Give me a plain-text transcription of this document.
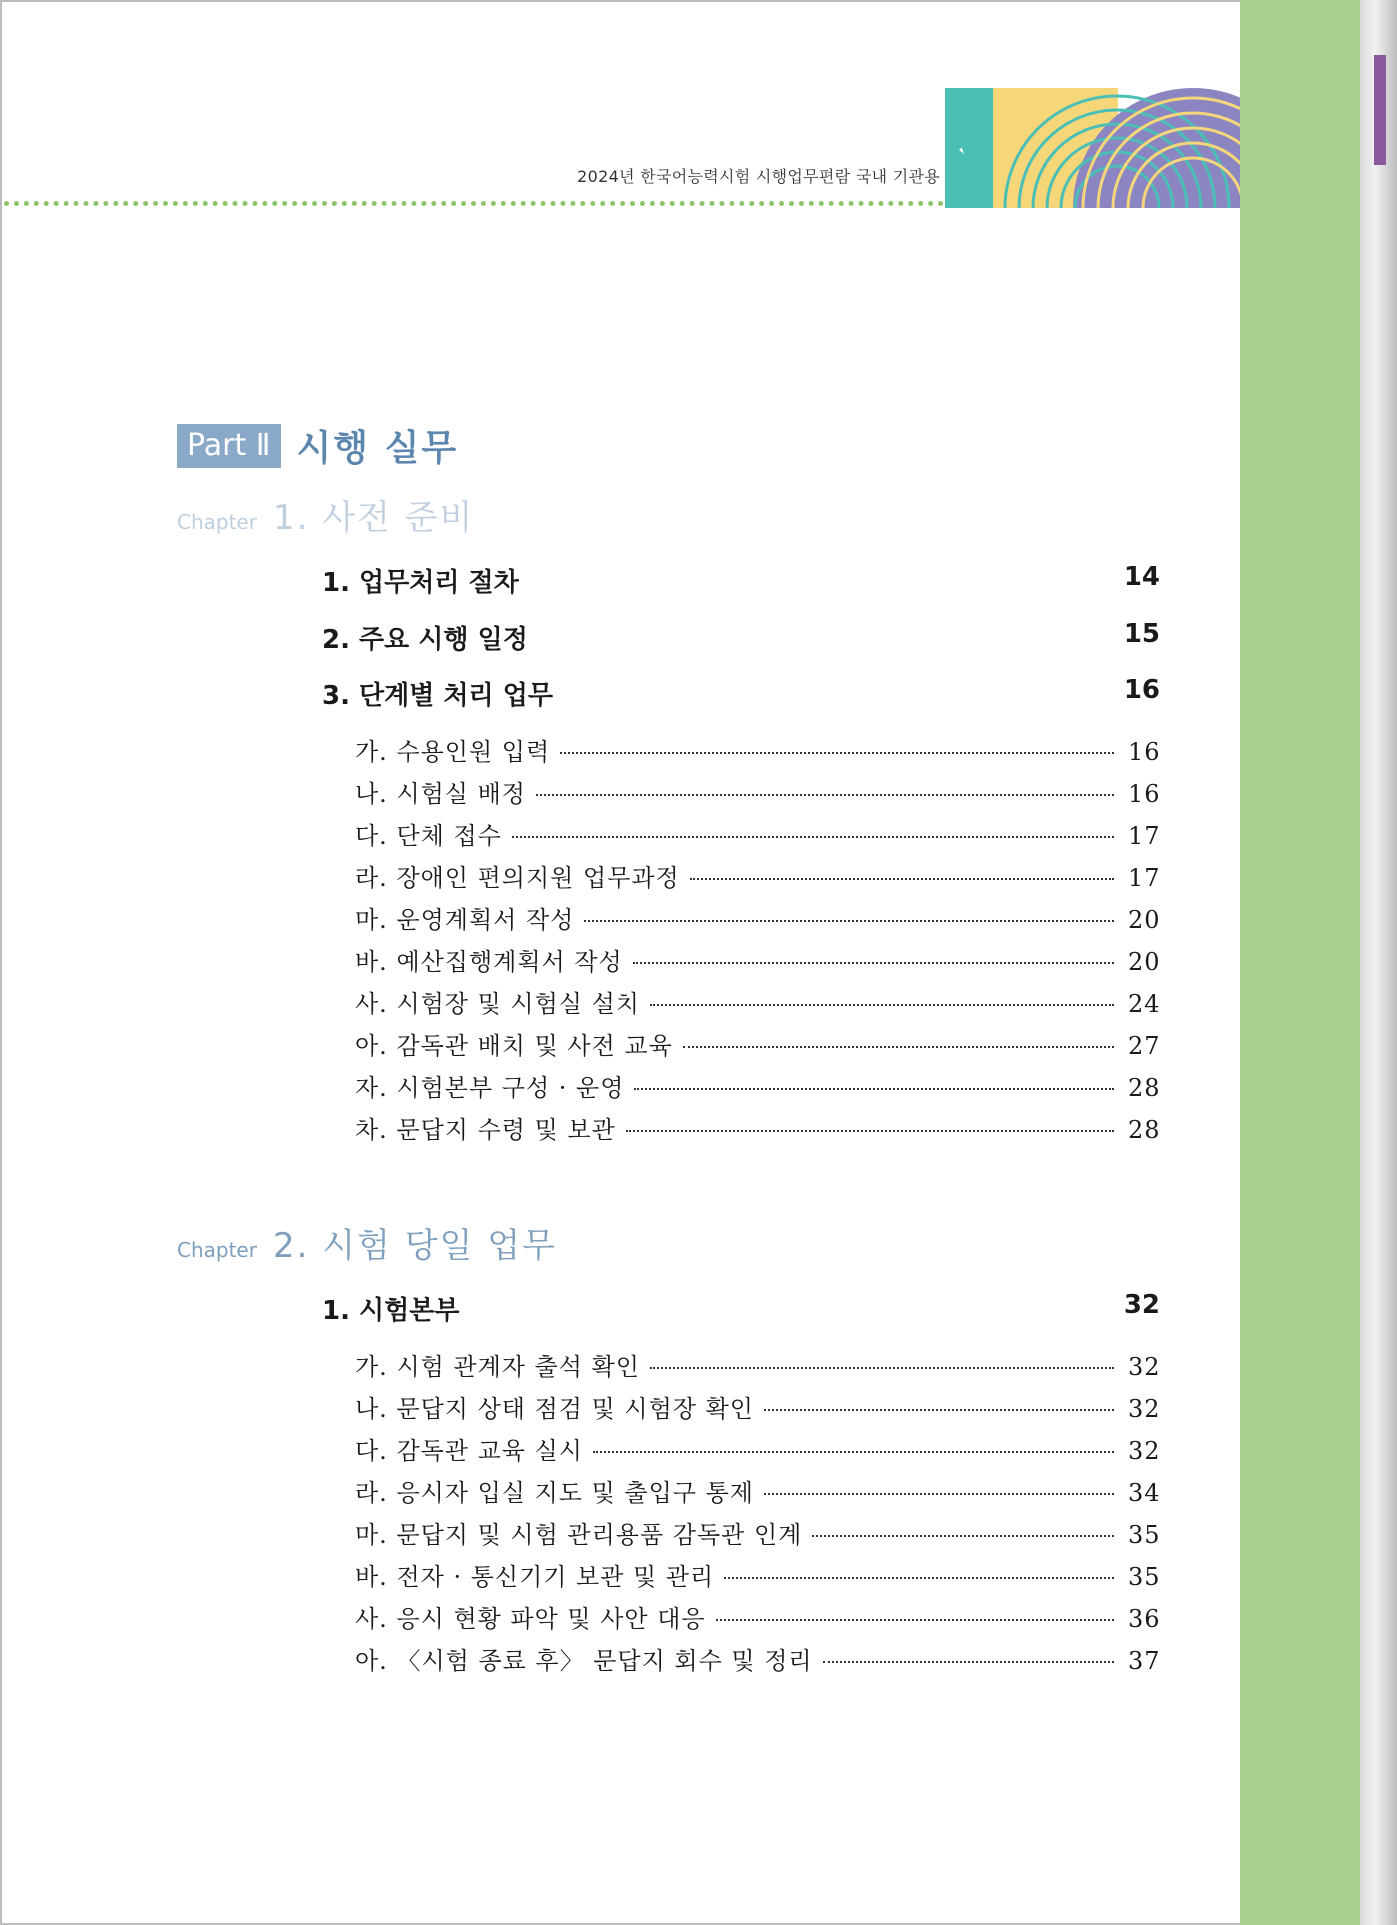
2024년 한국어능력시험 시행업무편람 국내 기관용
Part Ⅱ 시행 실무
Chapter 1. 사전 준비
1. 업무처리 절차	14
2. 주요 시행 일정	15
3. 단계별 처리 업무	16
가. 수용인원 입력	16
나. 시험실 배정	16
다. 단체 접수	17
라. 장애인 편의지원 업무과정	17
마. 운영계획서 작성	20
바. 예산집행계획서 작성	20
사. 시험장 및 시험실 설치	24
아. 감독관 배치 및 사전 교육	27
자. 시험본부 구성 · 운영	28
차. 문답지 수령 및 보관	28
Chapter 2. 시험 당일 업무
1. 시험본부	32
가. 시험 관계자 출석 확인	32
나. 문답지 상태 점검 및 시험장 확인	32
다. 감독관 교육 실시	32
라. 응시자 입실 지도 및 출입구 통제	34
마. 문답지 및 시험 관리용품 감독관 인계	35
바. 전자 · 통신기기 보관 및 관리	35
사. 응시 현황 파악 및 사안 대응	36
아. 〈시험 종료 후〉 문답지 회수 및 정리	37
